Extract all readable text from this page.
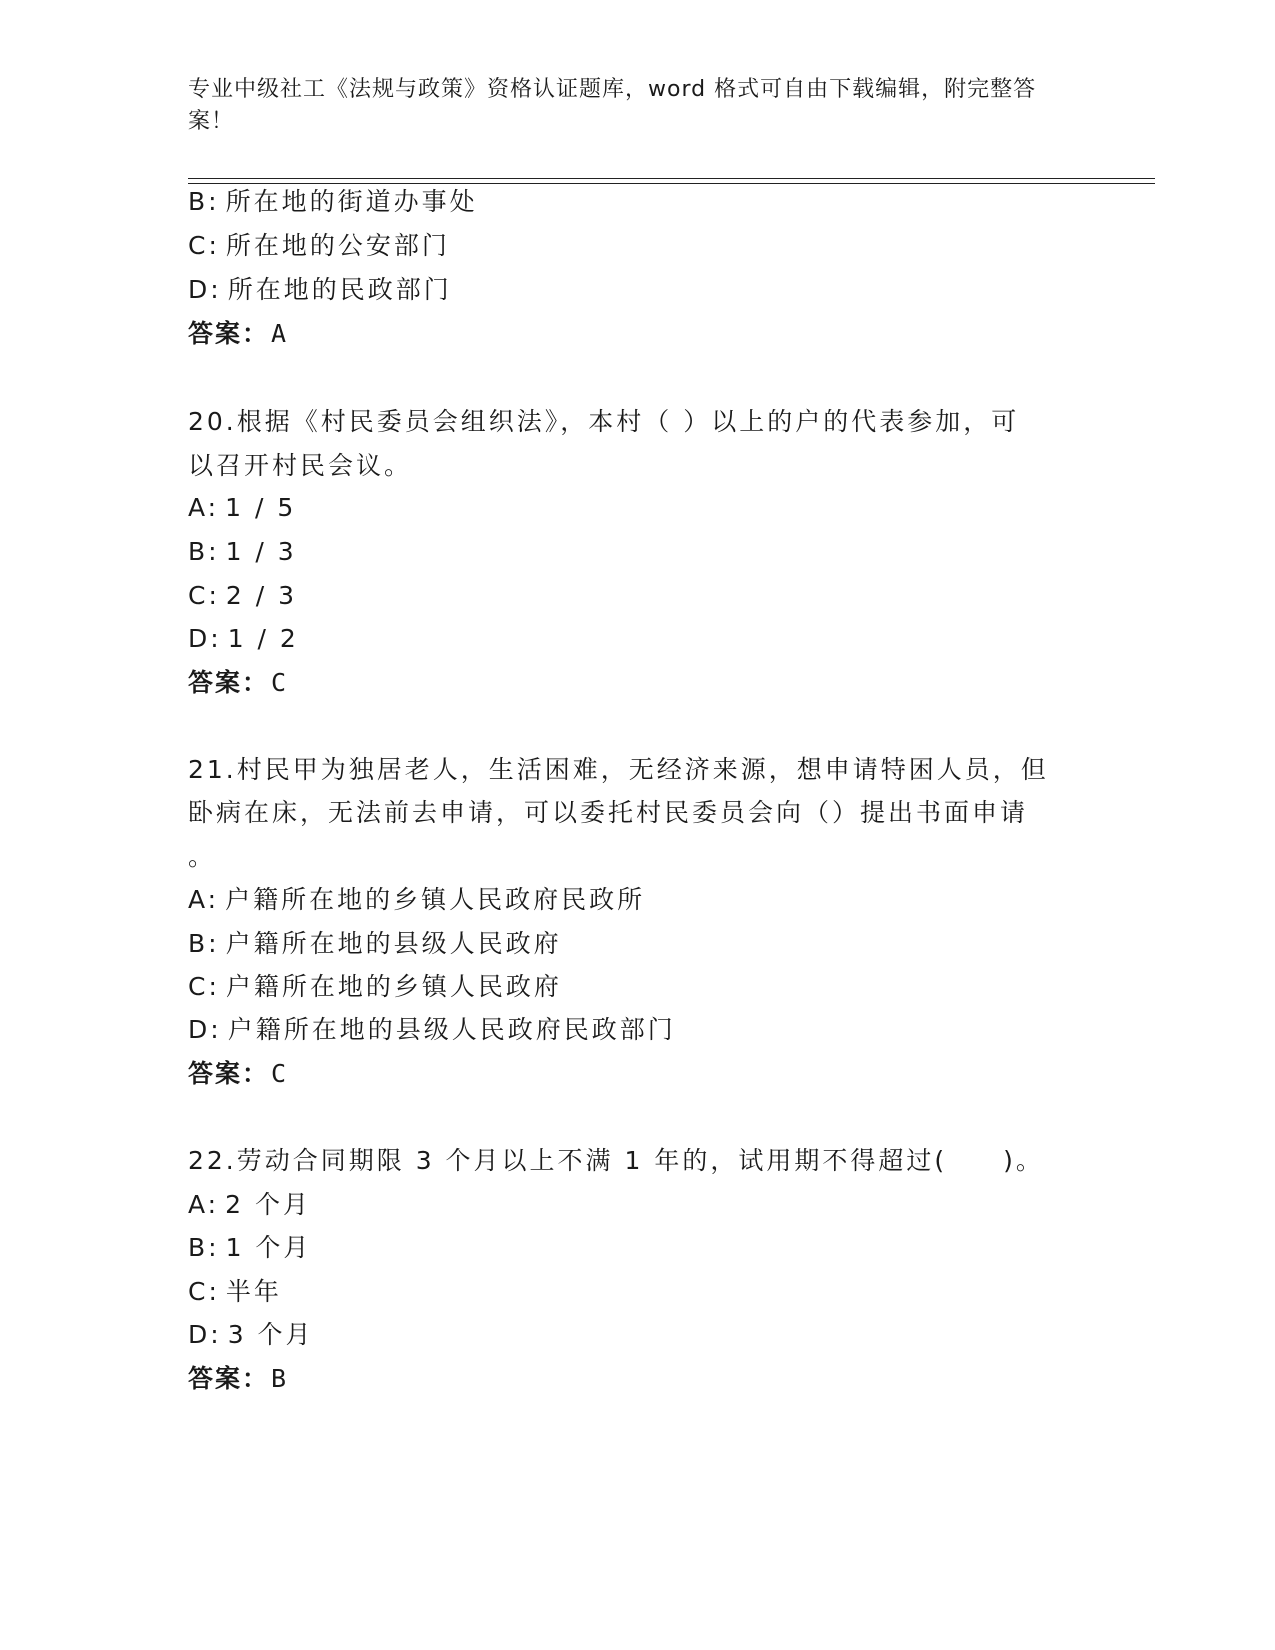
专业中级社工《法规与政策》资格认证题库，word 格式可自由下载编辑，附完整答案！
B: 所在地的街道办事处
C: 所在地的公安部门
D: 所在地的民政部门
答案：A
20.根据《村民委员会组织法》，本村（ ）以上的户的代表参加，可
以召开村民会议。
A: 1 / 5
B: 1 / 3
C: 2 / 3
D: 1 / 2
答案：C
21.村民甲为独居老人，生活困难，无经济来源，想申请特困人员，但
卧病在床，无法前去申请，可以委托村民委员会向（）提出书面申请
。
A: 户籍所在地的乡镇人民政府民政所
B: 户籍所在地的县级人民政府
C: 户籍所在地的乡镇人民政府
D: 户籍所在地的县级人民政府民政部门
答案：C
22.劳动合同期限 3 个月以上不满 1 年的，试用期不得超过(　　)。
A: 2 个月
B: 1 个月
C: 半年
D: 3 个月
答案：B
